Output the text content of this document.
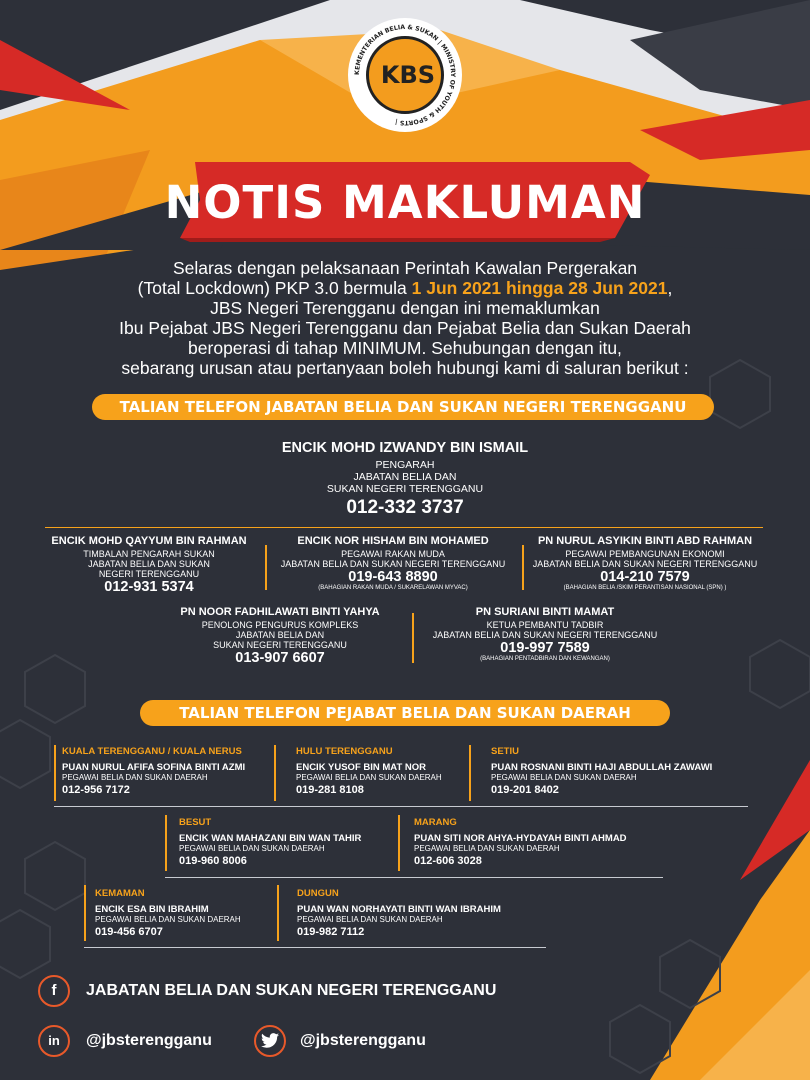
KEMENTERIAN BELIA & SUKAN | MINISTRY OF YOUTH & SPORTS |
KBS
NOTIS MAKLUMAN
Selaras dengan pelaksanaan Perintah Kawalan Pergerakan
(Total Lockdown) PKP 3.0 bermula 1 Jun 2021 hingga 28 Jun 2021,
JBS Negeri Terengganu dengan ini memaklumkan
Ibu Pejabat JBS Negeri Terengganu dan Pejabat Belia dan Sukan Daerah
beroperasi di tahap MINIMUM. Sehubungan dengan itu,
sebarang urusan atau pertanyaan boleh hubungi kami di saluran berikut :
TALIAN TELEFON JABATAN BELIA DAN SUKAN NEGERI TERENGGANU
ENCIK MOHD IZWANDY BIN ISMAIL
PENGARAH
JABATAN BELIA DAN
SUKAN NEGERI TERENGGANU
012-332 3737
ENCIK MOHD QAYYUM BIN RAHMAN
TIMBALAN PENGARAH SUKAN
JABATAN BELIA DAN SUKAN
NEGERI TERENGGANU
012-931 5374
ENCIK NOR HISHAM BIN MOHAMED
PEGAWAI RAKAN MUDA
JABATAN BELIA DAN SUKAN NEGERI TERENGGANU
019-643 8890
(BAHAGIAN RAKAN MUDA / SUKARELAWAN MYVAC)
PN NURUL ASYIKIN BINTI ABD RAHMAN
PEGAWAI PEMBANGUNAN EKONOMI
JABATAN BELIA DAN SUKAN NEGERI TERENGGANU
014-210 7579
(BAHAGIAN BELIA /SKIM PERANTISAN NASIONAL (SPN) )
PN NOOR FADHILAWATI BINTI YAHYA
PENOLONG PENGURUS KOMPLEKS
JABATAN BELIA DAN
SUKAN NEGERI TERENGGANU
013-907 6607
PN SURIANI BINTI MAMAT
KETUA PEMBANTU TADBIR
JABATAN BELIA DAN SUKAN NEGERI TERENGGANU
019-997 7589
(BAHAGIAN PENTADBIRAN DAN KEWANGAN)
TALIAN TELEFON PEJABAT BELIA DAN SUKAN DAERAH
KUALA TERENGGANU / KUALA NERUS
PUAN NURUL AFIFA SOFINA BINTI AZMI
PEGAWAI BELIA DAN SUKAN DAERAH
012-956 7172
HULU TERENGGANU
ENCIK YUSOF BIN MAT NOR
PEGAWAI BELIA DAN SUKAN DAERAH
019-281 8108
SETIU
PUAN ROSNANI BINTI HAJI ABDULLAH ZAWAWI
PEGAWAI BELIA DAN SUKAN DAERAH
019-201 8402
BESUT
ENCIK WAN MAHAZANI BIN WAN TAHIR
PEGAWAI BELIA DAN SUKAN DAERAH
019-960 8006
MARANG
PUAN SITI NOR AHYA-HYDAYAH BINTI AHMAD
PEGAWAI BELIA DAN SUKAN DAERAH
012-606 3028
KEMAMAN
ENCIK ESA BIN IBRAHIM
PEGAWAI BELIA DAN SUKAN DAERAH
019-456 6707
DUNGUN
PUAN WAN NORHAYATI BINTI WAN IBRAHIM
PEGAWAI BELIA DAN SUKAN DAERAH
019-982 7112
f	JABATAN BELIA DAN SUKAN NEGERI TERENGGANU
in	@jbsterengganu	@jbsterengganu
